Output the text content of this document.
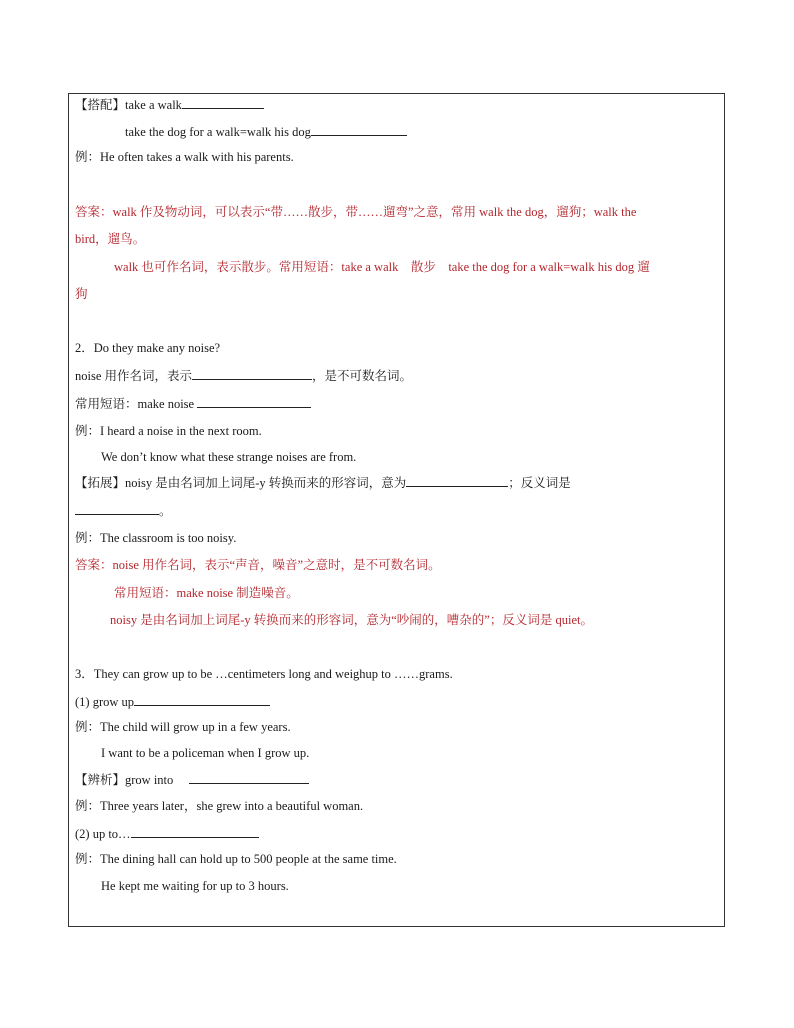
【搭配】take a walk
take the dog for a walk=walk his dog
例：He often takes a walk with his parents.
答案：walk 作及物动词，可以表示“带……散步，带……遛弯”之意，常用 walk the dog，遛狗；walk the
bird，遛鸟。
walk 也可作名词，表示散步。常用短语：take a walk　散步　take the dog for a walk=walk his dog 遛
狗
2．Do they make any noise?
noise 用作名词，表示	，是不可数名词。
常用短语：make noise
例：I heard a noise in the next room.
We don’t know what these strange noises are from.
【拓展】noisy 是由名词加上词尾-y 转换而来的形容词，意为	；反义词是
。
例：The classroom is too noisy.
答案：noise 用作名词，表示“声音，噪音”之意时，是不可数名词。
常用短语：make noise 制造噪音。
noisy 是由名词加上词尾-y 转换而来的形容词，意为“吵闹的，嘈杂的”；反义词是 quiet。
3．They can grow up to be …centimeters long and weighup to ……grams.
(1) grow up
例：The child will grow up in a few years.
I want to be a policeman when I grow up.
【辨析】grow into
例：Three years later，she grew into a beautiful woman.
(2) up to…
例：The dining hall can hold up to 500 people at the same time.
He kept me waiting for up to 3 hours.
